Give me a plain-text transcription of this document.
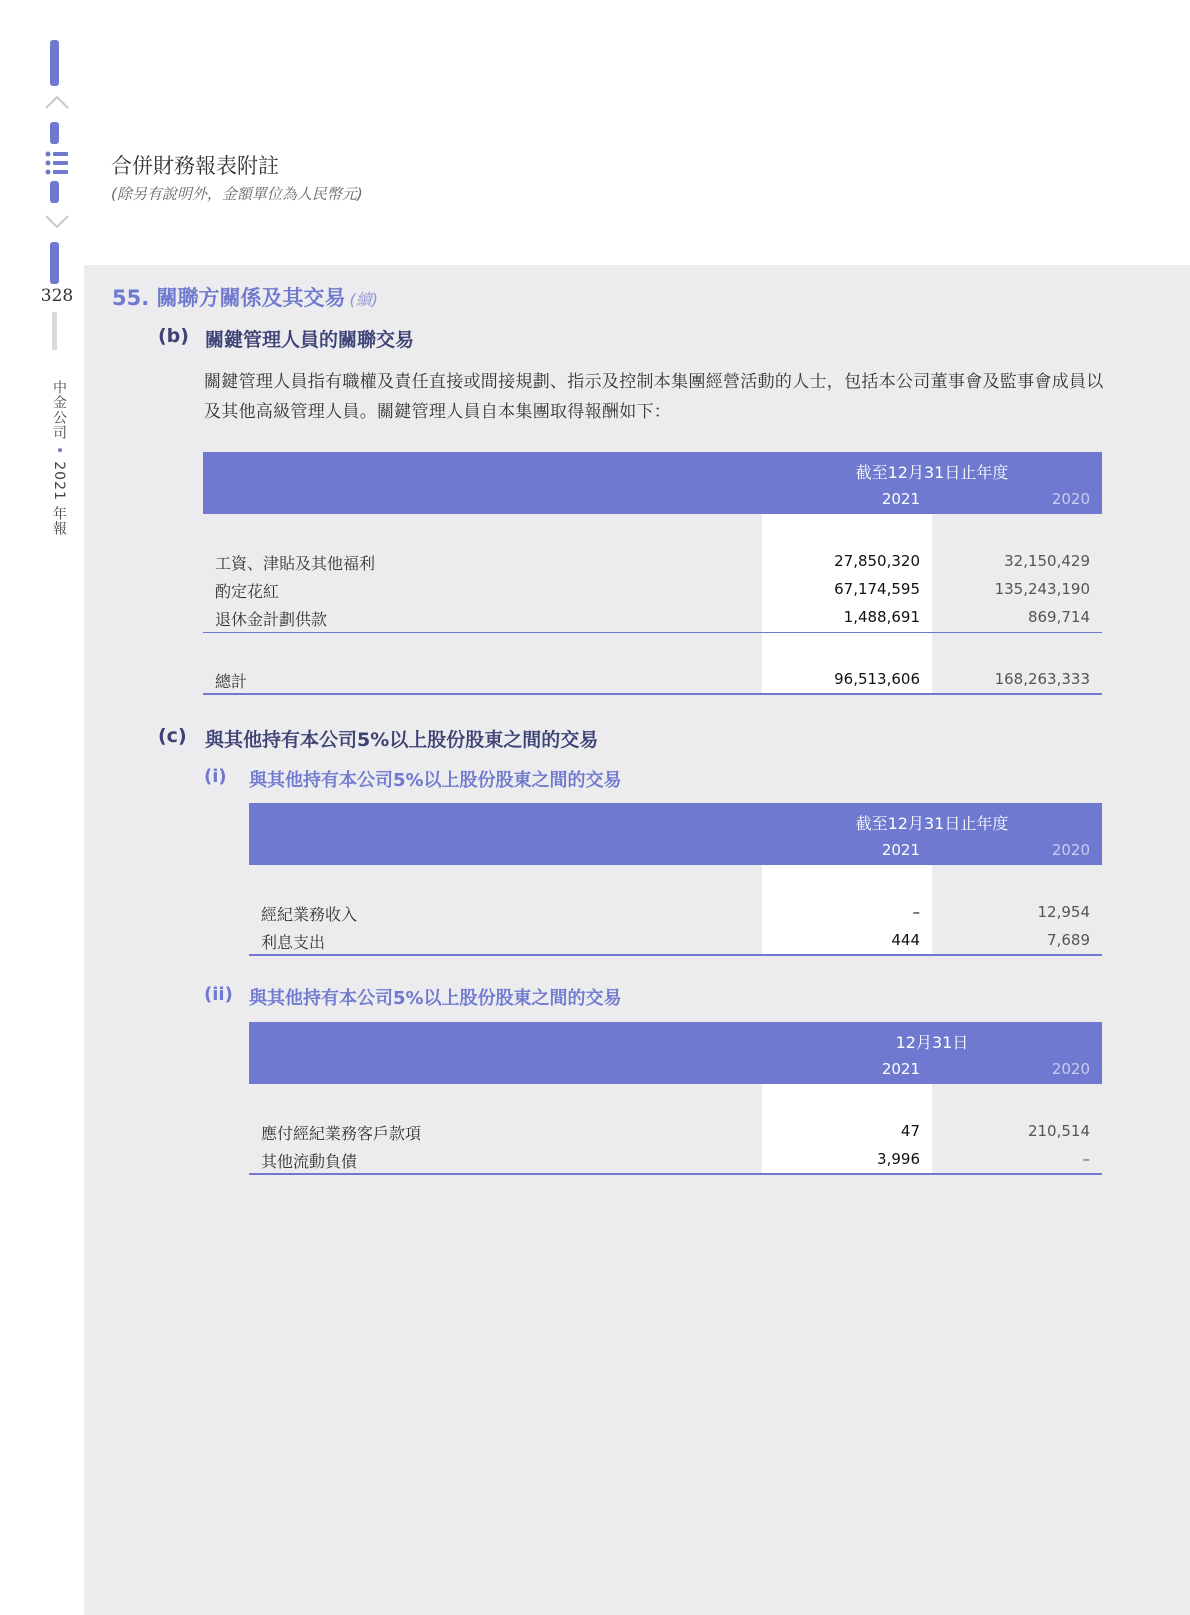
328
中金公司•2021 年報
合併財務報表附註
(除另有說明外，金額單位為人民幣元)
55. 關聯方關係及其交易 (續)
(b) 關鍵管理人員的關聯交易
關鍵管理人員指有職權及責任直接或間接規劃、指示及控制本集團經營活動的人士，包括本公司董事會及監事會成員以及其他高級管理人員。關鍵管理人員自本集團取得報酬如下：
截至12月31日止年度
2021	2020
工資、津貼及其他福利	27,850,320	32,150,429
酌定花紅	67,174,595	135,243,190
退休金計劃供款	1,488,691	869,714
總計	96,513,606	168,263,333
(c) 與其他持有本公司5%以上股份股東之間的交易
(i) 與其他持有本公司5%以上股份股東之間的交易
截至12月31日止年度
2021	2020
經紀業務收入	–	12,954
利息支出	444	7,689
(ii) 與其他持有本公司5%以上股份股東之間的交易
12月31日
2021	2020
應付經紀業務客戶款項	47	210,514
其他流動負債	3,996	–
